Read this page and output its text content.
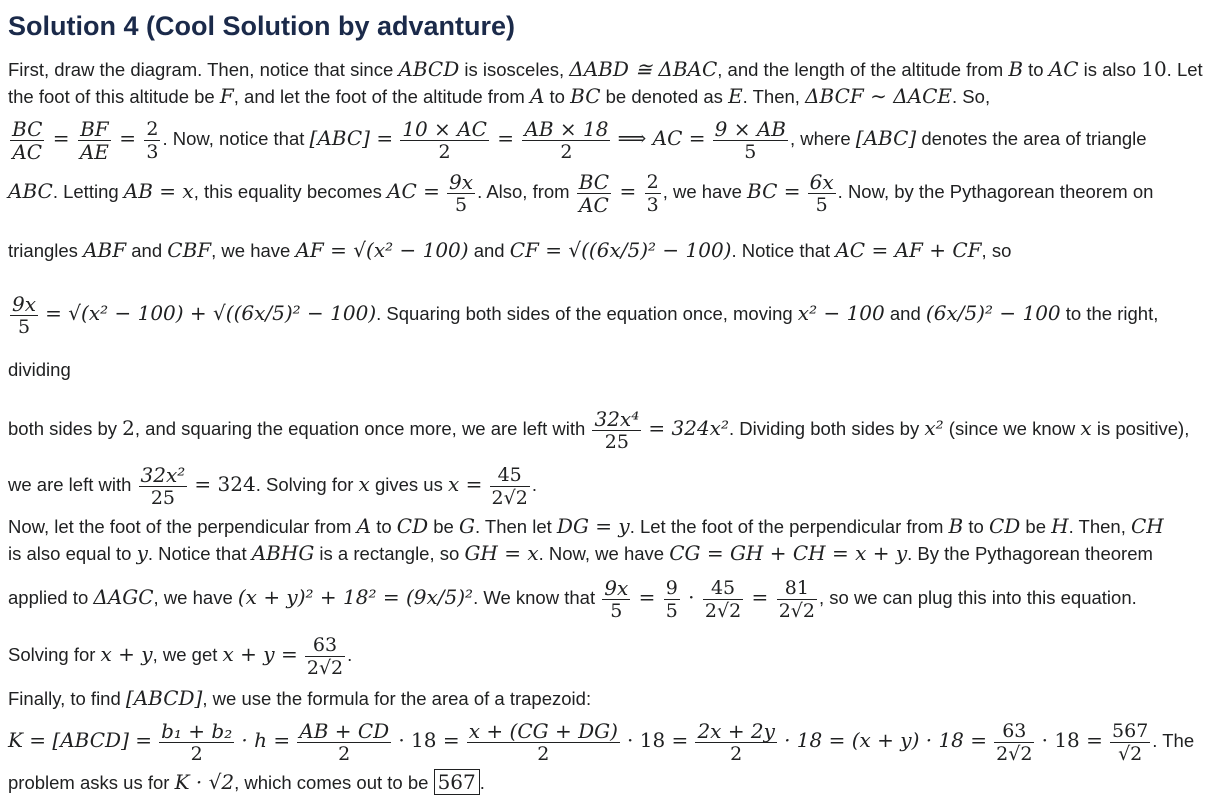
Solution 4 (Cool Solution by advanture)

First, draw the diagram. Then, notice that since ABCD is isosceles, ΔABD ≅ ΔBAC, and the length of the altitude from B to AC is also 10. Let the foot of this altitude be F, and let the foot of the altitude from A to BC be denoted as E. Then, ΔBCF ∼ ΔACE. So,

$\frac{BC}{AC} = \frac{BF}{AE} = \frac{2}{3}$ . Now, notice that $[ABC] = \frac{10 \times AC}{2} = \frac{AB \times 18}{2}$ ⟹ AC = $\frac{9 \times AB}{5}$ , where [ABC] denotes the area of triangle

ABC. Letting AB = x, this equality becomes AC = $\frac{9x}{5}$ . Also, from $\frac{BC}{AC} = \frac{2}{3}$ , we have BC = $\frac{6x}{5}$ . Now, by the Pythagorean theorem on

triangles ABF and CBF, we have AF = √(x² − 100) and CF = √((6x/5)² − 100). Notice that AC = AF + CF, so

$\frac{9x}{5} = √(x^2 - 100) + √((6x/5)^2 - 100)$. Squaring both sides of the equation once, moving x² − 100 and (6x/5)² − 100 to the right, dividing

both sides by 2, and squaring the equation once more, we are left with $\frac{\text{32x⁴}}{25} = 324x^2$. Dividing both sides by x² (since we know x is positive),

we are left with $\frac{\text{32x²}}{25} = 324$. Solving for x gives us $x = \frac{45}{2√2}$ .

Now, let the foot of the perpendicular from A to CD be G. Then let DG = y. Let the foot of the perpendicular from B to CD be H. Then, CH
is also equal to y. Notice that ABHG is a rectangle, so GH = x. Now, we have CG = GH + CH = x + y. By the Pythagorean theorem

applied to ΔAGC, we have (x + y)² + 18² = (9x/5)². We know that $\frac{9x}{5} = \frac{9}{5} \cdot \frac{45}{2√2} = \frac{81}{2√2}$ , so we can plug this into this equation.

Solving for x + y, we get $x + y = \frac{63}{2√2}$ .

Finally, to find [ABCD], we use the formula for the area of a trapezoid:

K = [ABCD] = $\frac{\text{b₁ + b₂}}{2} \cdot h = \frac{AB + CD}{2} \cdot 18 = \frac{x + (CG + DG)}{2} \cdot 18 = \frac{2x + 2y}{2} \cdot 18 = (x + y) \cdot 18 = \frac{63}{2√2} \cdot 18 = \frac{567}{√2}$ . The

problem asks us for K · √2, which comes out to be 567 .
